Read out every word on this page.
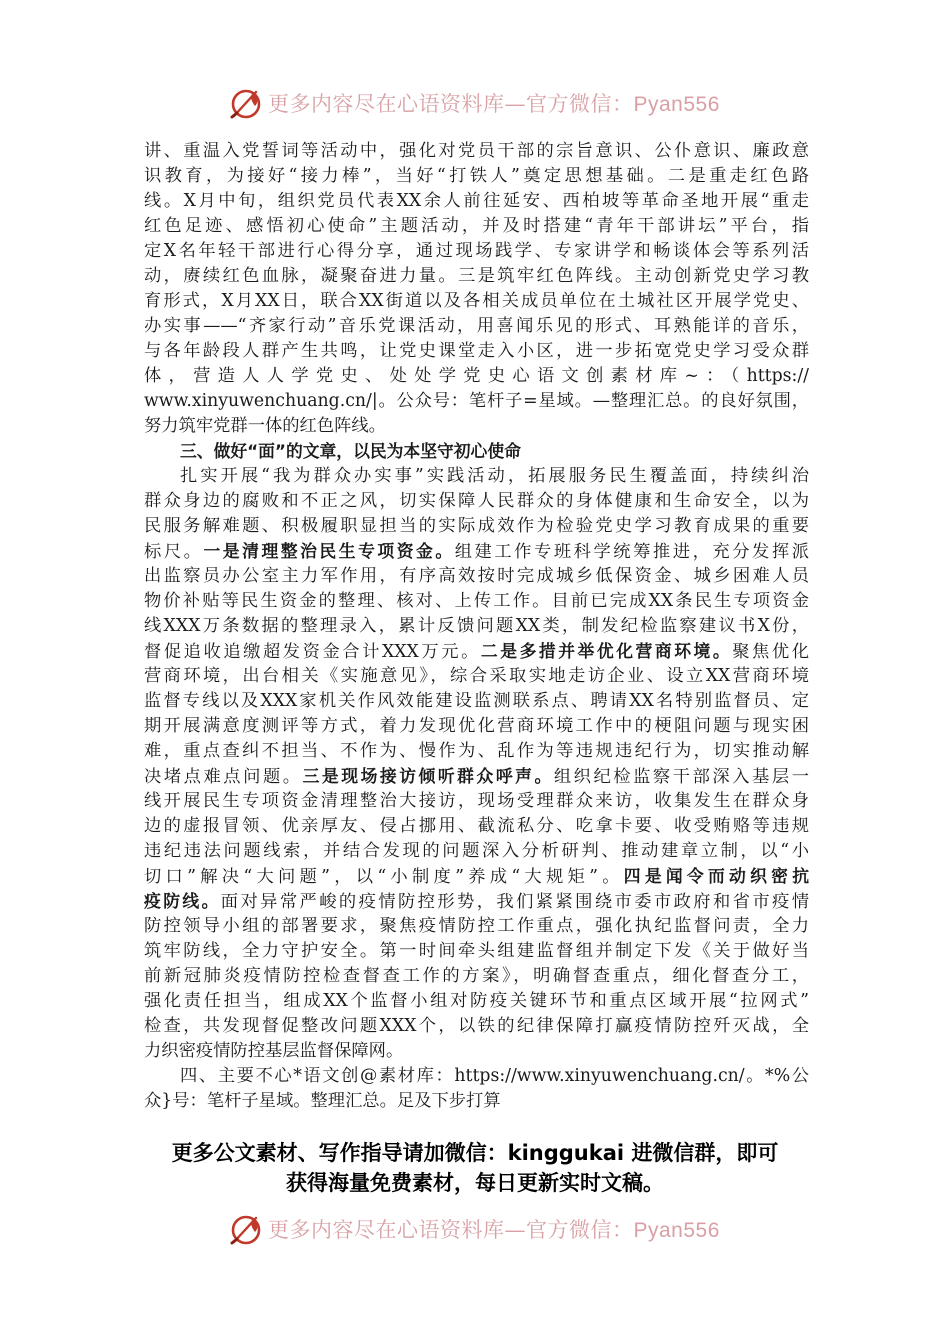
更多内容尽在心语资料库—官方微信：Pyan556
讲、重温入党誓词等活动中，强化对党员干部的宗旨意识、公仆意识、廉政意
识教育，为接好“接力棒”，当好“打铁人”奠定思想基础。二是重走红色路
线。X月中旬，组织党员代表XX余人前往延安、西柏坡等革命圣地开展“重走
红色足迹、感悟初心使命”主题活动，并及时搭建“青年干部讲坛”平台，指
定X名年轻干部进行心得分享，通过现场践学、专家讲学和畅谈体会等系列活
动，赓续红色血脉，凝聚奋进力量。三是筑牢红色阵线。主动创新党史学习教
育形式，X月XX日，联合XX街道以及各相关成员单位在土城社区开展学党史、
办实事——“齐家行动”音乐党课活动，用喜闻乐见的形式、耳熟能详的音乐，
与各年龄段人群产生共鸣，让党史课堂走入小区，进一步拓宽党史学习受众群
体，营造人人学党史、处处学党史心语文创素材库~：（https://
www.xinyuwenchuang.cn/|。公众号：笔杆子=星域。—整理汇总。的良好氛围，
努力筑牢党群一体的红色阵线。
三、做好“面”的文章，以民为本坚守初心使命
扎实开展“我为群众办实事”实践活动，拓展服务民生覆盖面，持续纠治
群众身边的腐败和不正之风，切实保障人民群众的身体健康和生命安全，以为
民服务解难题、积极履职显担当的实际成效作为检验党史学习教育成果的重要
标尺。一是清理整治民生专项资金。组建工作专班科学统筹推进，充分发挥派
出监察员办公室主力军作用，有序高效按时完成城乡低保资金、城乡困难人员
物价补贴等民生资金的整理、核对、上传工作。目前已完成XX条民生专项资金
线XXX万条数据的整理录入，累计反馈问题XX类，制发纪检监察建议书X份，
督促追收追缴超发资金合计XXX万元。二是多措并举优化营商环境。聚焦优化
营商环境，出台相关《实施意见》，综合采取实地走访企业、设立XX营商环境
监督专线以及XXX家机关作风效能建设监测联系点、聘请XX名特别监督员、定
期开展满意度测评等方式，着力发现优化营商环境工作中的梗阻问题与现实困
难，重点查纠不担当、不作为、慢作为、乱作为等违规违纪行为，切实推动解
决堵点难点问题。三是现场接访倾听群众呼声。组织纪检监察干部深入基层一
线开展民生专项资金清理整治大接访，现场受理群众来访，收集发生在群众身
边的虚报冒领、优亲厚友、侵占挪用、截流私分、吃拿卡要、收受贿赂等违规
违纪违法问题线索，并结合发现的问题深入分析研判、推动建章立制，以“小
切口”解决“大问题”，以“小制度”养成“大规矩”。四是闻令而动织密抗
疫防线。面对异常严峻的疫情防控形势，我们紧紧围绕市委市政府和省市疫情
防控领导小组的部署要求，聚焦疫情防控工作重点，强化执纪监督问责，全力
筑牢防线，全力守护安全。第一时间牵头组建监督组并制定下发《关于做好当
前新冠肺炎疫情防控检查督查工作的方案》，明确督查重点，细化督查分工，
强化责任担当，组成XX个监督小组对防疫关键环节和重点区域开展“拉网式”
检查，共发现督促整改问题XXX个，以铁的纪律保障打赢疫情防控歼灭战，全
力织密疫情防控基层监督保障网。
四、主要不心*语文创@素材库：https://www.xinyuwenchuang.cn/。*%公
众}号：笔杆子星域。整理汇总。足及下步打算
更多公文素材、写作指导请加微信：kinggukai 进微信群，即可
获得海量免费素材，每日更新实时文稿。
更多内容尽在心语资料库—官方微信：Pyan556
